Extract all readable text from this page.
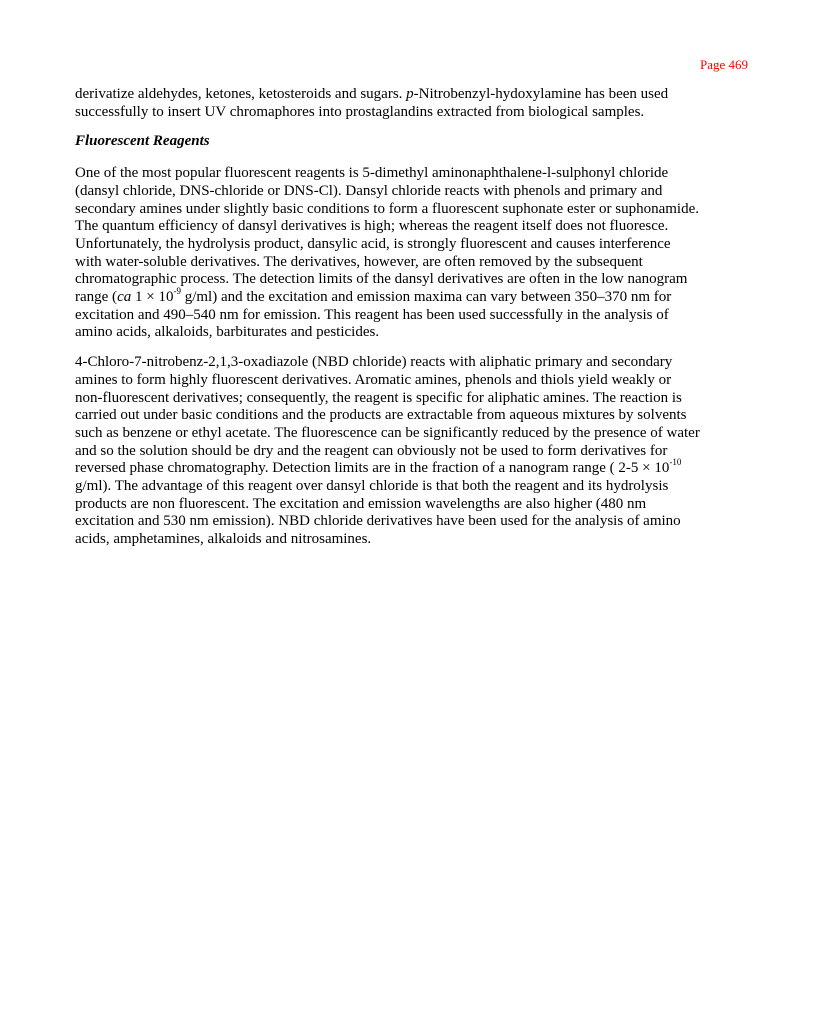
Page 469

derivatize aldehydes, ketones, ketosteroids and sugars. p-Nitrobenzyl-hydoxylamine has been used
successfully to insert UV chromaphores into prostaglandins extracted from biological samples.

Fluorescent Reagents

One of the most popular fluorescent reagents is 5-dimethyl aminonaphthalene-l-sulphonyl chloride
(dansyl chloride, DNS-chloride or DNS-Cl). Dansyl chloride reacts with phenols and primary and
secondary amines under slightly basic conditions to form a fluorescent suphonate ester or suphonamide.
The quantum efficiency of dansyl derivatives is high; whereas the reagent itself does not fluoresce.
Unfortunately, the hydrolysis product, dansylic acid, is strongly fluorescent and causes interference
with water-soluble derivatives. The derivatives, however, are often removed by the subsequent
chromatographic process. The detection limits of the dansyl derivatives are often in the low nanogram
range (ca $1 \times 10^{-9}$ g/ml) and the excitation and emission maxima can vary between 350–370 nm for
excitation and 490–540 nm for emission. This reagent has been used successfully in the analysis of
amino acids, alkaloids, barbiturates and pesticides.

4-Chloro-7-nitrobenz-2,1,3-oxadiazole (NBD chloride) reacts with aliphatic primary and secondary
amines to form highly fluorescent derivatives. Aromatic amines, phenols and thiols yield weakly or
non-fluorescent derivatives; consequently, the reagent is specific for aliphatic amines. The reaction is
carried out under basic conditions and the products are extractable from aqueous mixtures by solvents
such as benzene or ethyl acetate. The fluorescence can be significantly reduced by the presence of water
and so the solution should be dry and the reagent can obviously not be used to form derivatives for
reversed phase chromatography. Detection limits are in the fraction of a nanogram range ( $2-5 \times 10^{-10}$
g/ml). The advantage of this reagent over dansyl chloride is that both the reagent and its hydrolysis
products are non fluorescent. The excitation and emission wavelengths are also higher (480 nm
excitation and 530 nm emission). NBD chloride derivatives have been used for the analysis of amino
acids, amphetamines, alkaloids and nitrosamines.
